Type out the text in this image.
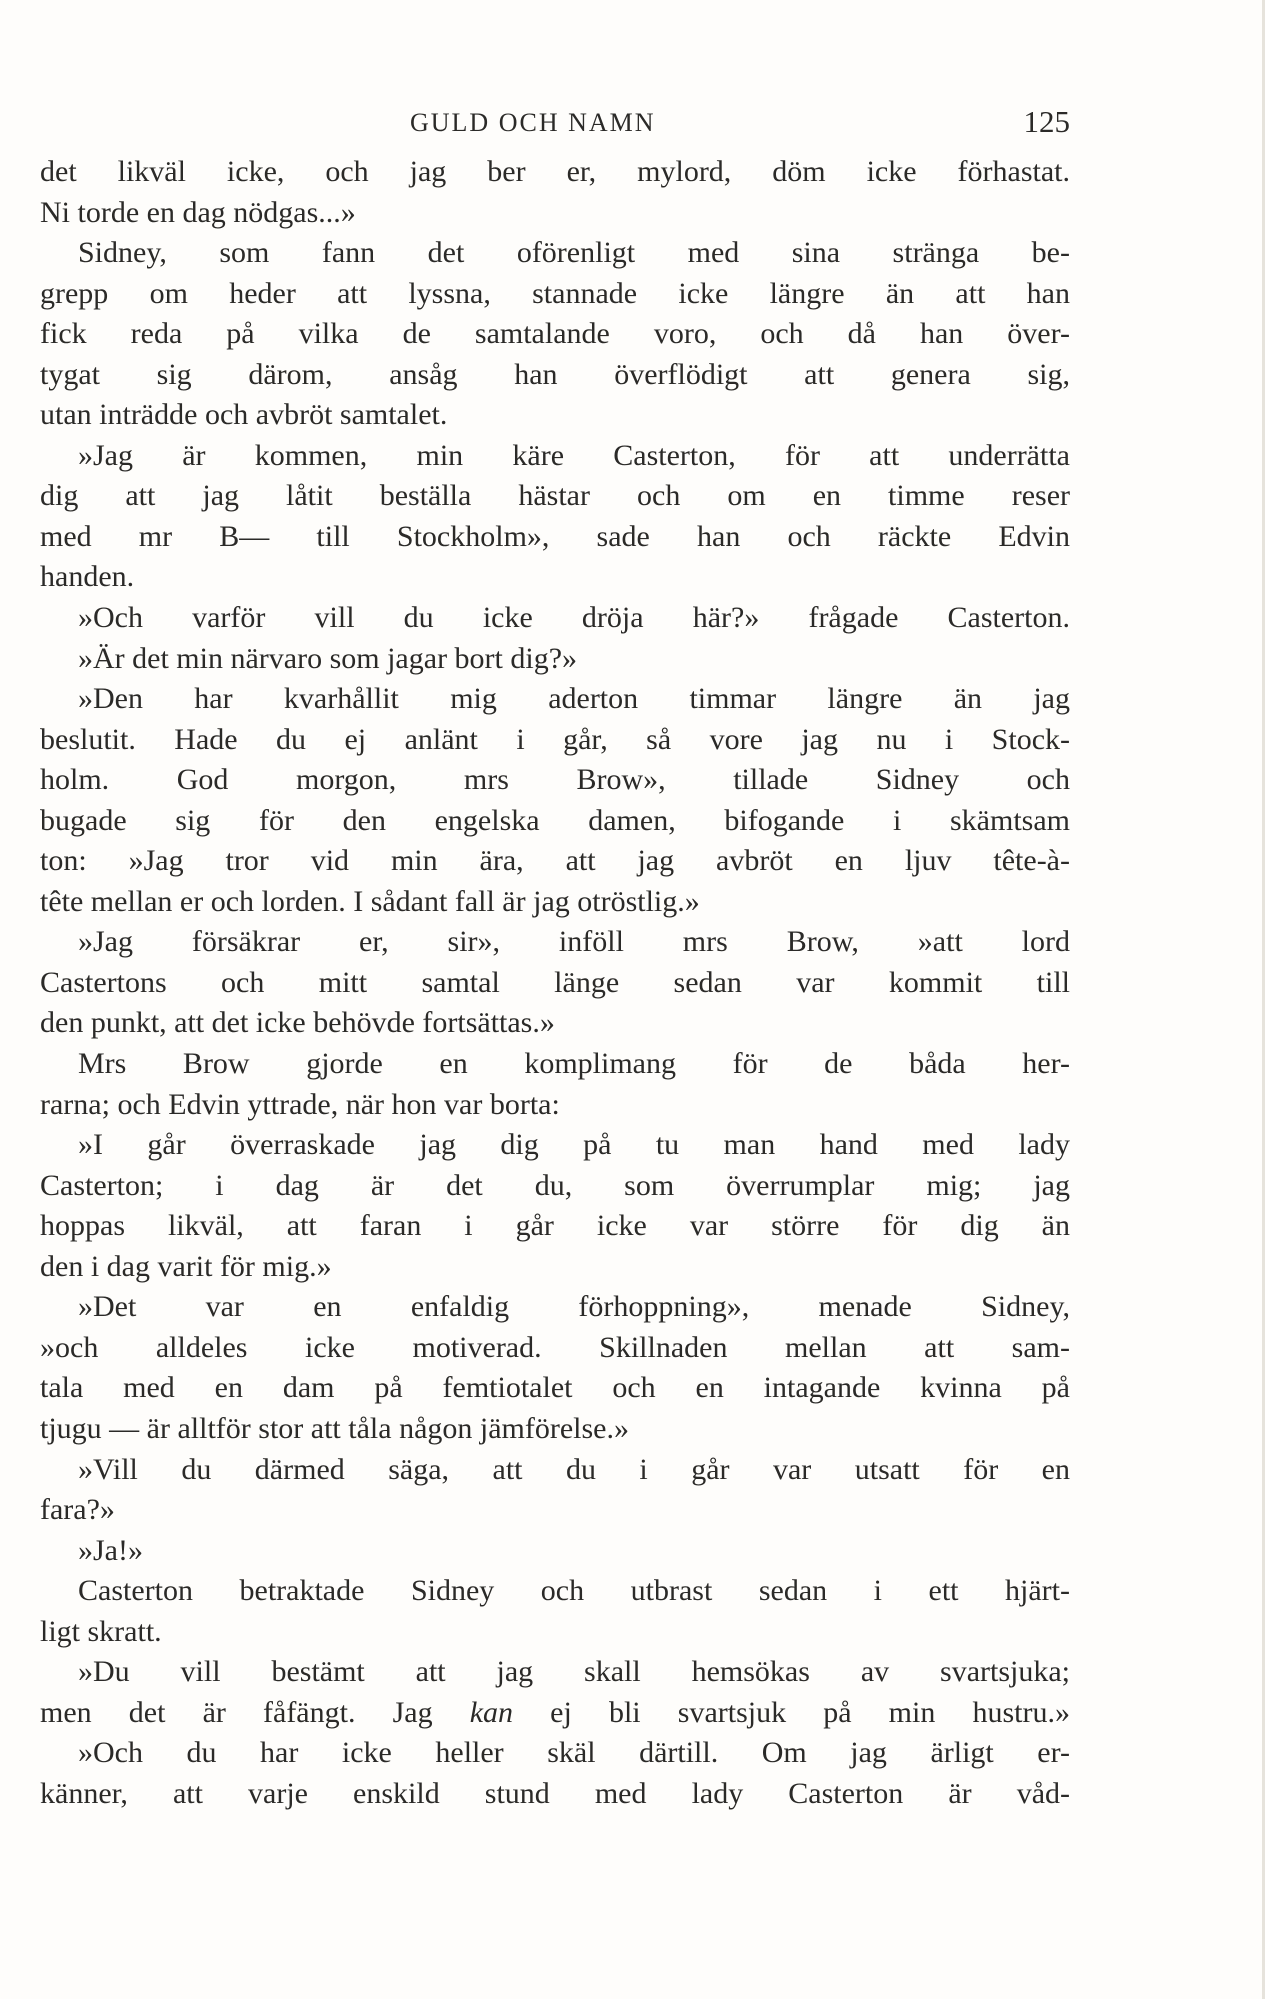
GULD OCH NAMN	125
det likväl icke, och jag ber er, mylord, döm icke förhastat.
Ni torde en dag nödgas...»
Sidney, som fann det oförenligt med sina stränga be-
grepp om heder att lyssna, stannade icke längre än att han
fick reda på vilka de samtalande voro, och då han över-
tygat sig därom, ansåg han överflödigt att genera sig,
utan inträdde och avbröt samtalet.
»Jag är kommen, min käre Casterton, för att underrätta
dig att jag låtit beställa hästar och om en timme reser
med mr B— till Stockholm», sade han och räckte Edvin
handen.
»Och varför vill du icke dröja här?» frågade Casterton.
»Är det min närvaro som jagar bort dig?»
»Den har kvarhållit mig aderton timmar längre än jag
beslutit. Hade du ej anlänt i går, så vore jag nu i Stock-
holm. God morgon, mrs Brow», tillade Sidney och
bugade sig för den engelska damen, bifogande i skämtsam
ton: »Jag tror vid min ära, att jag avbröt en ljuv tête-à-
tête mellan er och lorden. I sådant fall är jag otröstlig.»
»Jag försäkrar er, sir», inföll mrs Brow, »att lord
Castertons och mitt samtal länge sedan var kommit till
den punkt, att det icke behövde fortsättas.»
Mrs Brow gjorde en komplimang för de båda her-
rarna; och Edvin yttrade, när hon var borta:
»I går överraskade jag dig på tu man hand med lady
Casterton; i dag är det du, som överrumplar mig; jag
hoppas likväl, att faran i går icke var större för dig än
den i dag varit för mig.»
»Det var en enfaldig förhoppning», menade Sidney,
»och alldeles icke motiverad. Skillnaden mellan att sam-
tala med en dam på femtiotalet och en intagande kvinna på
tjugu — är alltför stor att tåla någon jämförelse.»
»Vill du därmed säga, att du i går var utsatt för en
fara?»
»Ja!»
Casterton betraktade Sidney och utbrast sedan i ett hjärt-
ligt skratt.
»Du vill bestämt att jag skall hemsökas av svartsjuka;
men det är fåfängt. Jag kan ej bli svartsjuk på min hustru.»
»Och du har icke heller skäl därtill. Om jag ärligt er-
känner, att varje enskild stund med lady Casterton är våd-
